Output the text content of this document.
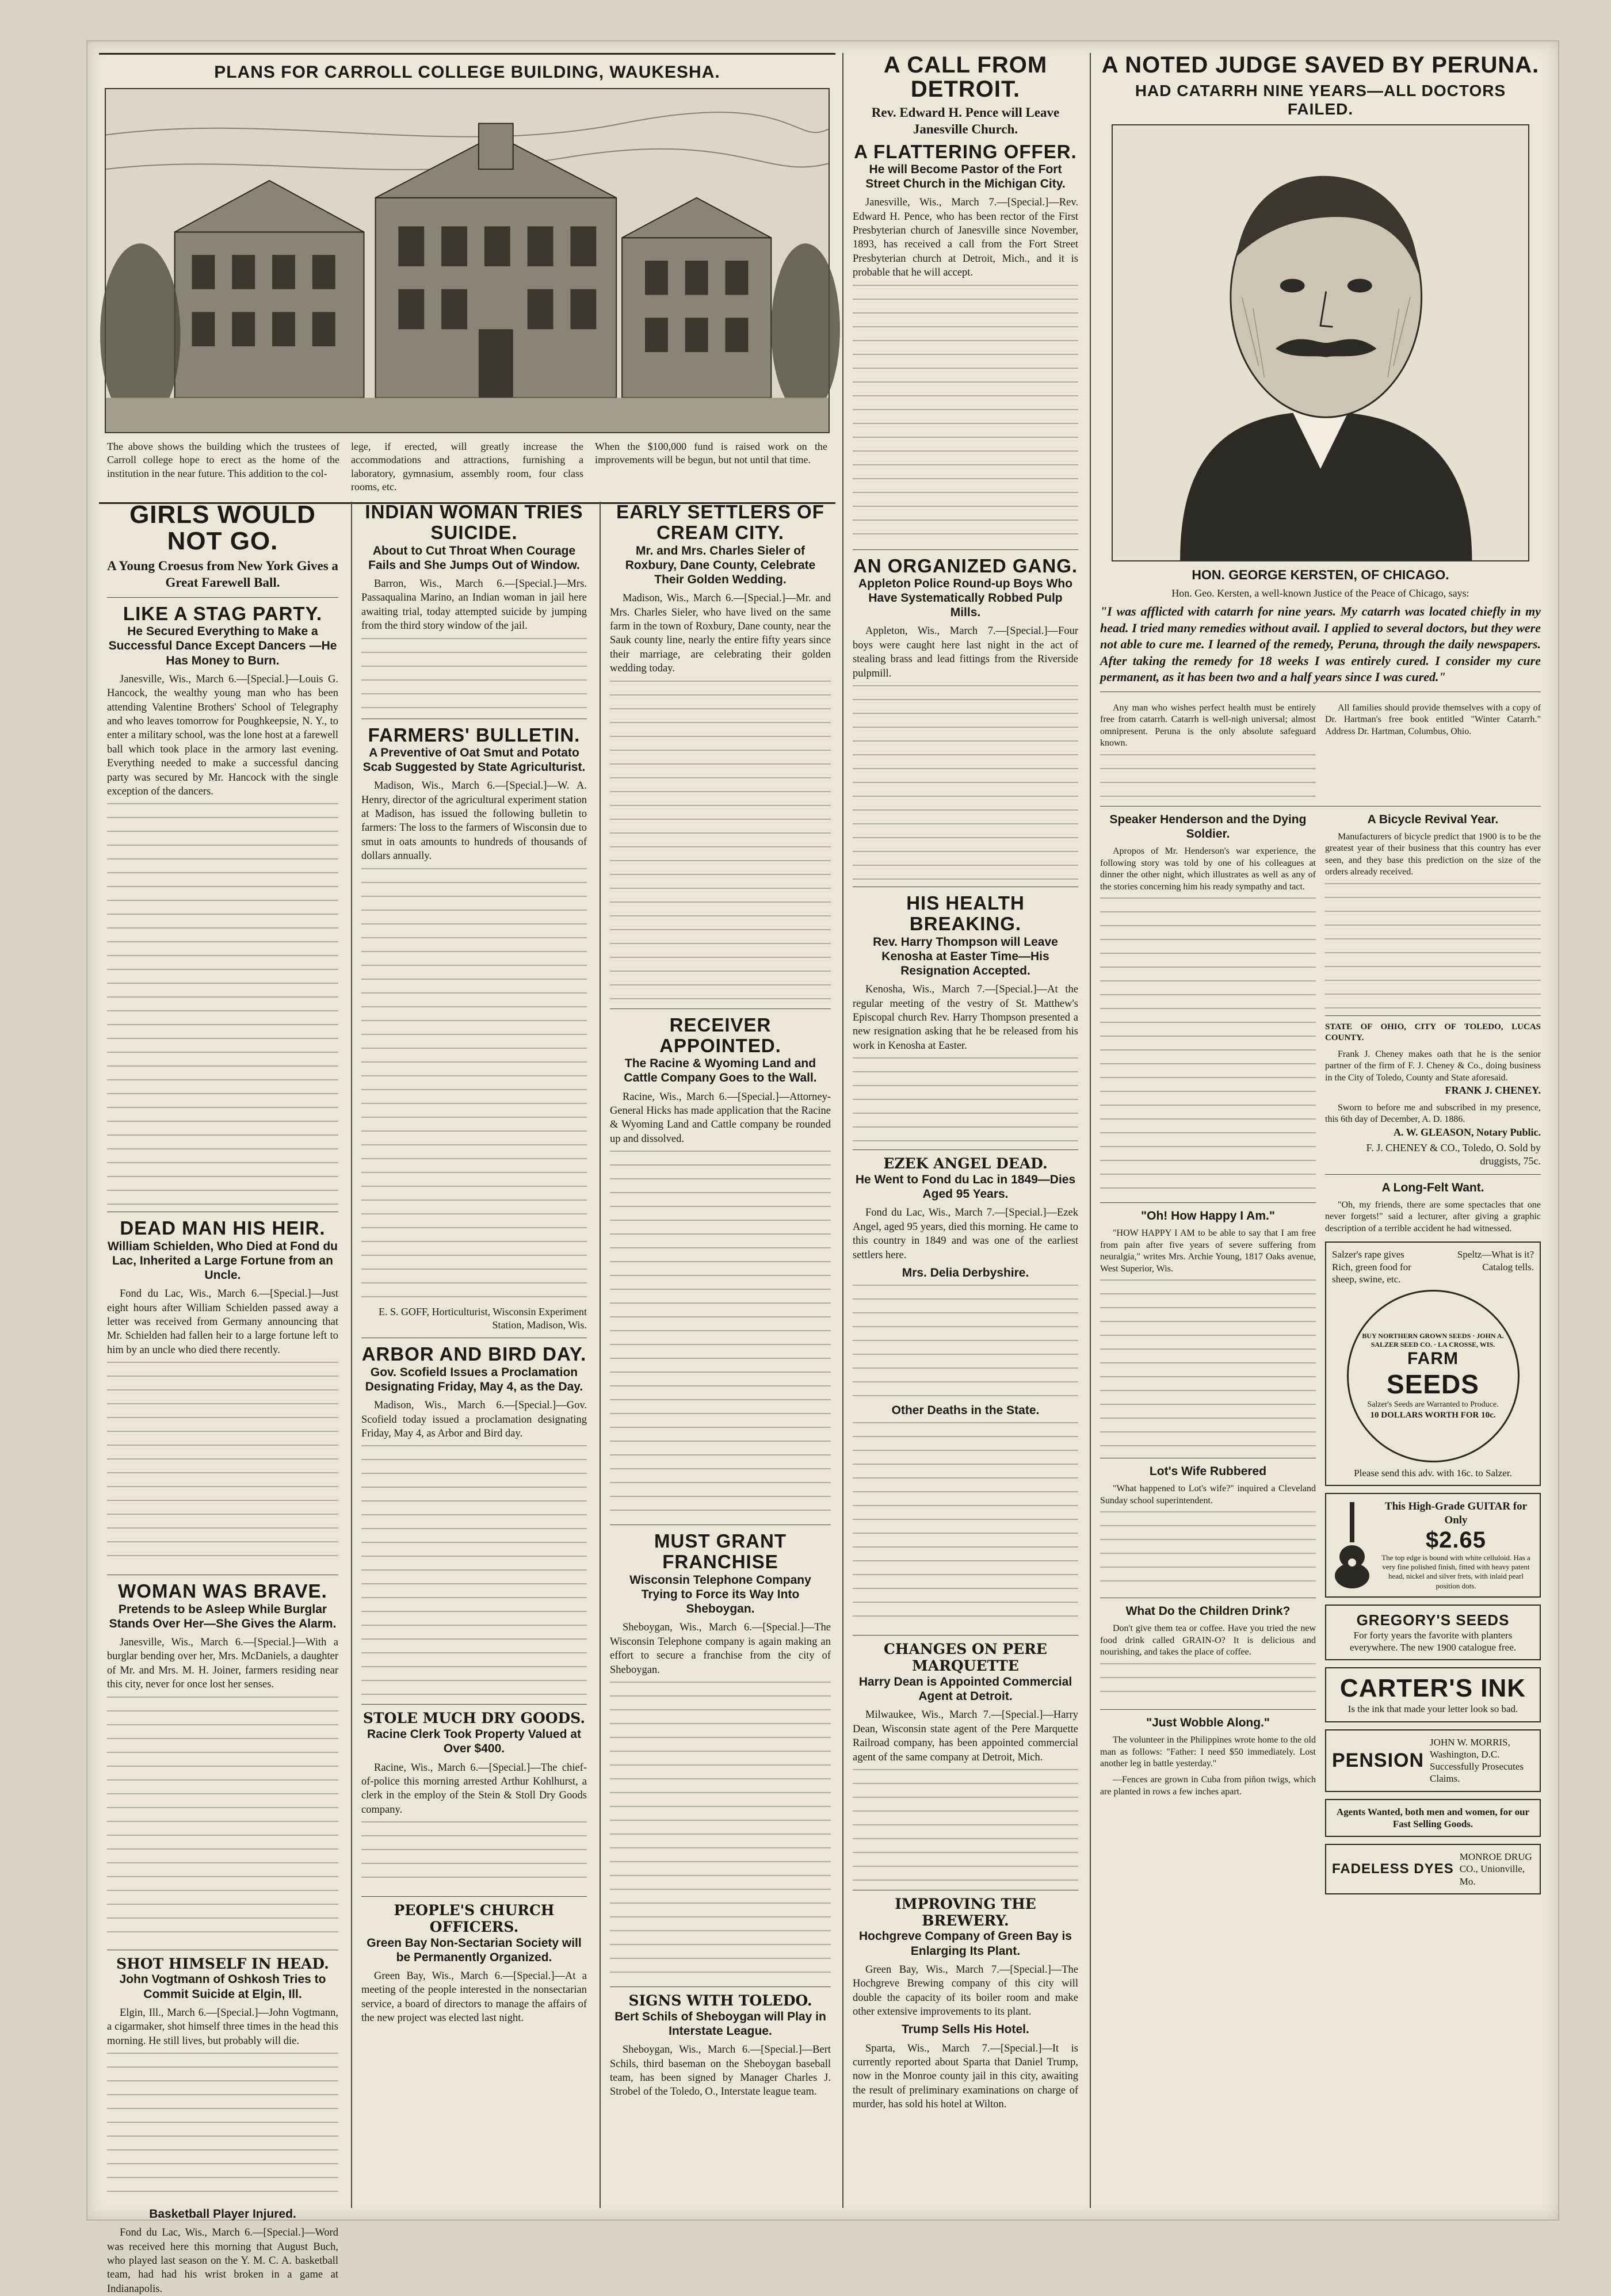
PLANS FOR CARROLL COLLEGE BUILDING, WAUKESHA.
The above shows the building which the trustees of Carroll college hope to erect as the home of the institution in the near future. This addition to the col-
lege, if erected, will greatly increase the accommodations and attractions, furnishing a laboratory, gymnasium, assembly room, four class rooms, etc.
When the $100,000 fund is raised work on the improvements will be begun, but not until that time.
GIRLS WOULD NOT GO.
A Young Croesus from New York Gives a Great Farewell Ball.
LIKE A STAG PARTY.
He Secured Everything to Make a Successful Dance Except Dancers —He Has Money to Burn.
Janesville, Wis., March 6.—[Special.]—Louis G. Hancock, the wealthy young man who has been attending Valentine Brothers' School of Telegraphy and who leaves tomorrow for Poughkeepsie, N. Y., to enter a military school, was the lone host at a farewell ball which took place in the armory last evening. Everything needed to make a successful dancing party was secured by Mr. Hancock with the single exception of the dancers.
DEAD MAN HIS HEIR.
William Schielden, Who Died at Fond du Lac, Inherited a Large Fortune from an Uncle.
Fond du Lac, Wis., March 6.—[Special.]—Just eight hours after William Schielden passed away a letter was received from Germany announcing that Mr. Schielden had fallen heir to a large fortune left to him by an uncle who died there recently.
WOMAN WAS BRAVE.
Pretends to be Asleep While Burglar Stands Over Her—She Gives the Alarm.
Janesville, Wis., March 6.—[Special.]—With a burglar bending over her, Mrs. McDaniels, a daughter of Mr. and Mrs. M. H. Joiner, farmers residing near this city, never for once lost her senses.
SHOT HIMSELF IN HEAD.
John Vogtmann of Oshkosh Tries to Commit Suicide at Elgin, Ill.
Elgin, Ill., March 6.—[Special.]—John Vogtmann, a cigarmaker, shot himself three times in the head this morning. He still lives, but probably will die.
Basketball Player Injured.
Fond du Lac, Wis., March 6.—[Special.]—Word was received here this morning that August Buch, who played last season on the Y. M. C. A. basketball team, had had his wrist broken in a game at Indianapolis.
INDIAN WOMAN TRIES SUICIDE.
About to Cut Throat When Courage Fails and She Jumps Out of Window.
Barron, Wis., March 6.—[Special.]—Mrs. Passaqualina Marino, an Indian woman in jail here awaiting trial, today attempted suicide by jumping from the third story window of the jail.
FARMERS' BULLETIN.
A Preventive of Oat Smut and Potato Scab Suggested by State Agriculturist.
Madison, Wis., March 6.—[Special.]—W. A. Henry, director of the agricultural experiment station at Madison, has issued the following bulletin to farmers: The loss to the farmers of Wisconsin due to smut in oats amounts to hundreds of thousands of dollars annually.
E. S. GOFF, Horticulturist, Wisconsin Experiment Station, Madison, Wis.
ARBOR AND BIRD DAY.
Gov. Scofield Issues a Proclamation Designating Friday, May 4, as the Day.
Madison, Wis., March 6.—[Special.]—Gov. Scofield today issued a proclamation designating Friday, May 4, as Arbor and Bird day.
STOLE MUCH DRY GOODS.
Racine Clerk Took Property Valued at Over $400.
Racine, Wis., March 6.—[Special.]—The chief-of-police this morning arrested Arthur Kohlhurst, a clerk in the employ of the Stein & Stoll Dry Goods company.
PEOPLE'S CHURCH OFFICERS.
Green Bay Non-Sectarian Society will be Permanently Organized.
Green Bay, Wis., March 6.—[Special.]—At a meeting of the people interested in the nonsectarian service, a board of directors to manage the affairs of the new project was elected last night.
EARLY SETTLERS OF CREAM CITY.
Mr. and Mrs. Charles Sieler of Roxbury, Dane County, Celebrate Their Golden Wedding.
Madison, Wis., March 6.—[Special.]—Mr. and Mrs. Charles Sieler, who have lived on the same farm in the town of Roxbury, Dane county, near the Sauk county line, nearly the entire fifty years since their marriage, are celebrating their golden wedding today.
RECEIVER APPOINTED.
The Racine & Wyoming Land and Cattle Company Goes to the Wall.
Racine, Wis., March 6.—[Special.]—Attorney-General Hicks has made application that the Racine & Wyoming Land and Cattle company be rounded up and dissolved.
MUST GRANT FRANCHISE
Wisconsin Telephone Company Trying to Force its Way Into Sheboygan.
Sheboygan, Wis., March 6.—[Special.]—The Wisconsin Telephone company is again making an effort to secure a franchise from the city of Sheboygan.
SIGNS WITH TOLEDO.
Bert Schils of Sheboygan will Play in Interstate League.
Sheboygan, Wis., March 6.—[Special.]—Bert Schils, third baseman on the Sheboygan baseball team, has been signed by Manager Charles J. Strobel of the Toledo, O., Interstate league team.
A CALL FROM DETROIT.
Rev. Edward H. Pence will Leave Janesville Church.
A FLATTERING OFFER.
He will Become Pastor of the Fort Street Church in the Michigan City.
Janesville, Wis., March 7.—[Special.]—Rev. Edward H. Pence, who has been rector of the First Presbyterian church of Janesville since November, 1893, has received a call from the Fort Street Presbyterian church at Detroit, Mich., and it is probable that he will accept.
AN ORGANIZED GANG.
Appleton Police Round-up Boys Who Have Systematically Robbed Pulp Mills.
Appleton, Wis., March 7.—[Special.]—Four boys were caught here last night in the act of stealing brass and lead fittings from the Riverside pulpmill.
HIS HEALTH BREAKING.
Rev. Harry Thompson will Leave Kenosha at Easter Time—His Resignation Accepted.
Kenosha, Wis., March 7.—[Special.]—At the regular meeting of the vestry of St. Matthew's Episcopal church Rev. Harry Thompson presented a new resignation asking that he be released from his work in Kenosha at Easter.
EZEK ANGEL DEAD.
He Went to Fond du Lac in 1849—Dies Aged 95 Years.
Fond du Lac, Wis., March 7.—[Special.]—Ezek Angel, aged 95 years, died this morning. He came to this country in 1849 and was one of the earliest settlers here.
Mrs. Delia Derbyshire.
Other Deaths in the State.
CHANGES ON PERE MARQUETTE
Harry Dean is Appointed Commercial Agent at Detroit.
Milwaukee, Wis., March 7.—[Special.]—Harry Dean, Wisconsin state agent of the Pere Marquette Railroad company, has been appointed commercial agent of the same company at Detroit, Mich.
IMPROVING THE BREWERY.
Hochgreve Company of Green Bay is Enlarging Its Plant.
Green Bay, Wis., March 7.—[Special.]—The Hochgreve Brewing company of this city will double the capacity of its boiler room and make other extensive improvements to its plant.
Trump Sells His Hotel.
Sparta, Wis., March 7.—[Special.]—It is currently reported about Sparta that Daniel Trump, now in the Monroe county jail in this city, awaiting the result of preliminary examinations on charge of murder, has sold his hotel at Wilton.
A NOTED JUDGE SAVED BY PERUNA.
HAD CATARRH NINE YEARS—ALL DOCTORS FAILED.
HON. GEORGE KERSTEN, OF CHICAGO.
Hon. Geo. Kersten, a well-known Justice of the Peace of Chicago, says:
"I was afflicted with catarrh for nine years. My catarrh was located chiefly in my head. I tried many remedies without avail. I applied to several doctors, but they were not able to cure me. I learned of the remedy, Peruna, through the daily newspapers. After taking the remedy for 18 weeks I was entirely cured. I consider my cure permanent, as it has been two and a half years since I was cured."
Any man who wishes perfect health must be entirely free from catarrh. Catarrh is well-nigh universal; almost omnipresent. Peruna is the only absolute safeguard known.
All families should provide themselves with a copy of Dr. Hartman's free book entitled "Winter Catarrh." Address Dr. Hartman, Columbus, Ohio.
Speaker Henderson and the Dying Soldier.
Apropos of Mr. Henderson's war experience, the following story was told by one of his colleagues at dinner the other night, which illustrates as well as any of the stories concerning him his ready sympathy and tact.
"Oh! How Happy I Am."
"HOW HAPPY I AM to be able to say that I am free from pain after five years of severe suffering from neuralgia," writes Mrs. Archie Young, 1817 Oaks avenue, West Superior, Wis.
Lot's Wife Rubbered
"What happened to Lot's wife?" inquired a Cleveland Sunday school superintendent.
What Do the Children Drink?
Don't give them tea or coffee. Have you tried the new food drink called GRAIN-O? It is delicious and nourishing, and takes the place of coffee.
"Just Wobble Along."
The volunteer in the Philippines wrote home to the old man as follows: "Father: I need $50 immediately. Lost another leg in battle yesterday."
—Fences are grown in Cuba from piñon twigs, which are planted in rows a few inches apart.
A Bicycle Revival Year.
Manufacturers of bicycle predict that 1900 is to be the greatest year of their business that this country has ever seen, and they base this prediction on the size of the orders already received.
STATE OF OHIO, CITY OF TOLEDO, LUCAS COUNTY.
Frank J. Cheney makes oath that he is the senior partner of the firm of F. J. Cheney & Co., doing business in the City of Toledo, County and State aforesaid.
FRANK J. CHENEY.
Sworn to before me and subscribed in my presence, this 6th day of December, A. D. 1886.
A. W. GLEASON, Notary Public.
F. J. CHENEY & CO., Toledo, O. Sold by druggists, 75c.
A Long-Felt Want.
"Oh, my friends, there are some spectacles that one never forgets!" said a lecturer, after giving a graphic description of a terrible accident he had witnessed.
Salzer's rape gives Rich, green food for sheep, swine, etc.
Speltz—What is it? Catalog tells.
BUY NORTHERN GROWN SEEDS · JOHN A. SALZER SEED CO. · LA CROSSE, WIS.
FARM
SEEDS
Salzer's Seeds are Warranted to Produce.
10 DOLLARS WORTH FOR 10c.
Please send this adv. with 16c. to Salzer.
This High-Grade GUITAR for Only
$2.65
The top edge is bound with white celluloid. Has a very fine polished finish, fitted with heavy patent head, nickel and silver frets, with inlaid pearl position dots.
GREGORY'S SEEDS
For forty years the favorite with planters everywhere. The new 1900 catalogue free.
CARTER'S INK
Is the ink that made your letter look so bad.
PENSION
JOHN W. MORRIS, Washington, D.C. Successfully Prosecutes Claims.
Agents Wanted, both men and women, for our Fast Selling Goods.
FADELESS DYES
MONROE DRUG CO., Unionville, Mo.
